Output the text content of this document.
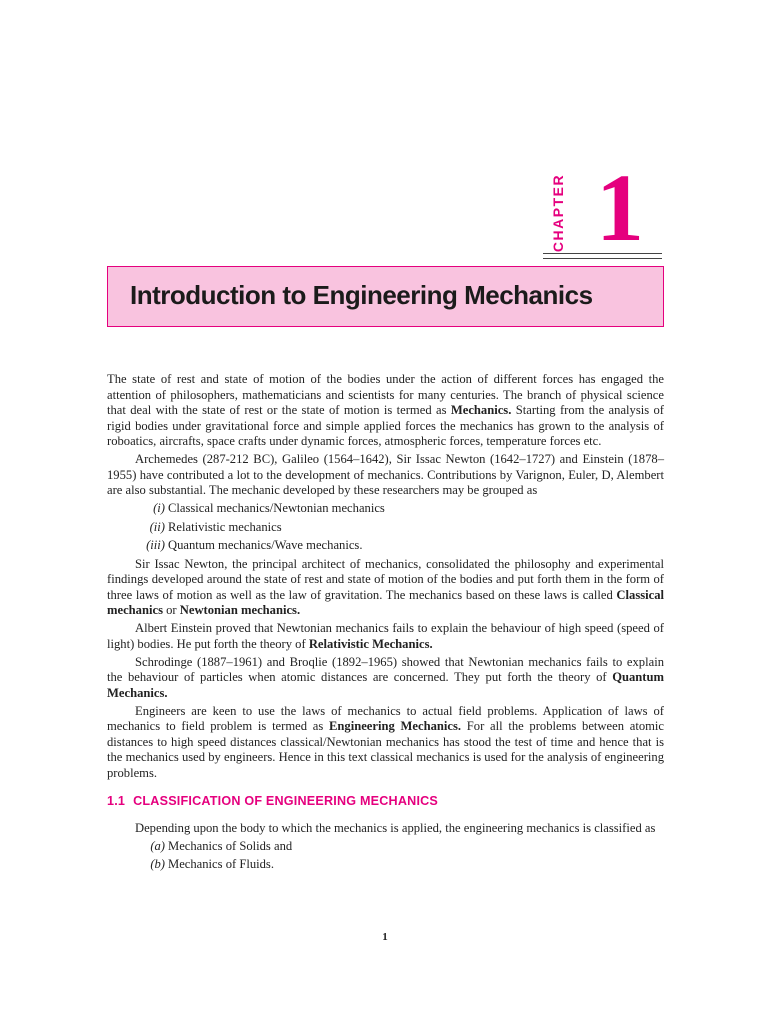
CHAPTER 1
Introduction to Engineering Mechanics

The state of rest and state of motion of the bodies under the action of different forces has engaged the attention of philosophers, mathematicians and scientists for many centuries. The branch of physical science that deal with the state of rest or the state of motion is termed as Mechanics. Starting from the analysis of rigid bodies under gravitational force and simple applied forces the mechanics has grown to the analysis of roboatics, aircrafts, space crafts under dynamic forces, atmospheric forces, temperature forces etc.

Archemedes (287-212 BC), Galileo (1564–1642), Sir Issac Newton (1642–1727) and Einstein (1878–1955) have contributed a lot to the development of mechanics. Contributions by Varignon, Euler, D, Alembert are also substantial. The mechanic developed by these researchers may be grouped as

(i) Classical mechanics/Newtonian mechanics
(ii) Relativistic mechanics
(iii) Quantum mechanics/Wave mechanics.

Sir Issac Newton, the principal architect of mechanics, consolidated the philosophy and experimental findings developed around the state of rest and state of motion of the bodies and put forth them in the form of three laws of motion as well as the law of gravitation. The mechanics based on these laws is called Classical mechanics or Newtonian mechanics.

Albert Einstein proved that Newtonian mechanics fails to explain the behaviour of high speed (speed of light) bodies. He put forth the theory of Relativistic Mechanics.

Schrodinge (1887–1961) and Broqlie (1892–1965) showed that Newtonian mechanics fails to explain the behaviour of particles when atomic distances are concerned. They put forth the theory of Quantum Mechanics.

Engineers are keen to use the laws of mechanics to actual field problems. Application of laws of mechanics to field problem is termed as Engineering Mechanics. For all the problems between atomic distances to high speed distances classical/Newtonian mechanics has stood the test of time and hence that is the mechanics used by engineers. Hence in this text classical mechanics is used for the analysis of engineering problems.

1.1 CLASSIFICATION OF ENGINEERING MECHANICS

Depending upon the body to which the mechanics is applied, the engineering mechanics is classified as

(a) Mechanics of Solids and
(b) Mechanics of Fluids.
1
